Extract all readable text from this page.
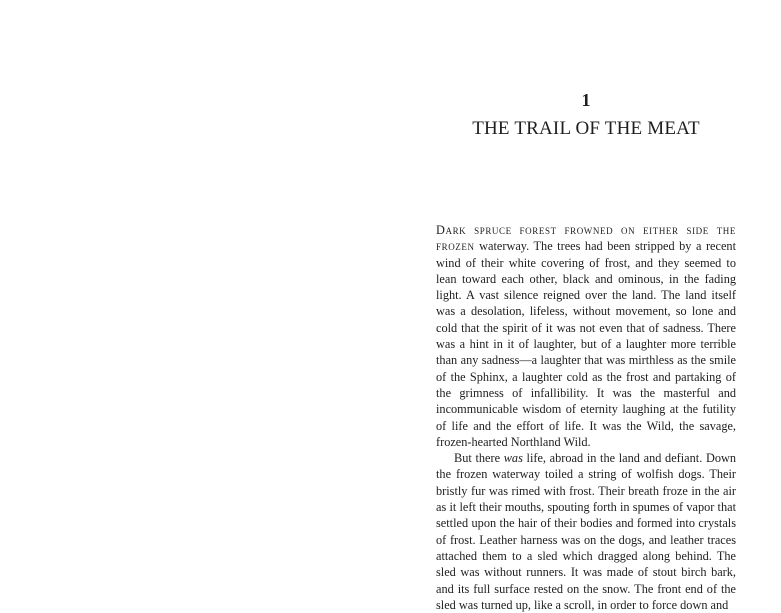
1
THE TRAIL OF THE MEAT

Dark spruce forest frowned on either side the frozen waterway. The trees had been stripped by a recent wind of their white covering of frost, and they seemed to lean toward each other, black and ominous, in the fading light. A vast silence reigned over the land. The land itself was a desolation, lifeless, without movement, so lone and cold that the spirit of it was not even that of sadness. There was a hint in it of laughter, but of a laughter more terrible than any sadness—a laughter that was mirthless as the smile of the Sphinx, a laughter cold as the frost and partaking of the grimness of infallibility. It was the masterful and incommunicable wisdom of eternity laughing at the futility of life and the effort of life. It was the Wild, the savage, frozen-hearted Northland Wild.

But there was life, abroad in the land and defiant. Down the frozen waterway toiled a string of wolfish dogs. Their bristly fur was rimed with frost. Their breath froze in the air as it left their mouths, spouting forth in spumes of vapor that settled upon the hair of their bodies and formed into crystals of frost. Leather harness was on the dogs, and leather traces attached them to a sled which dragged along behind. The sled was without runners. It was made of stout birch bark, and its full surface rested on the snow. The front end of the sled was turned up, like a scroll, in order to force down and
